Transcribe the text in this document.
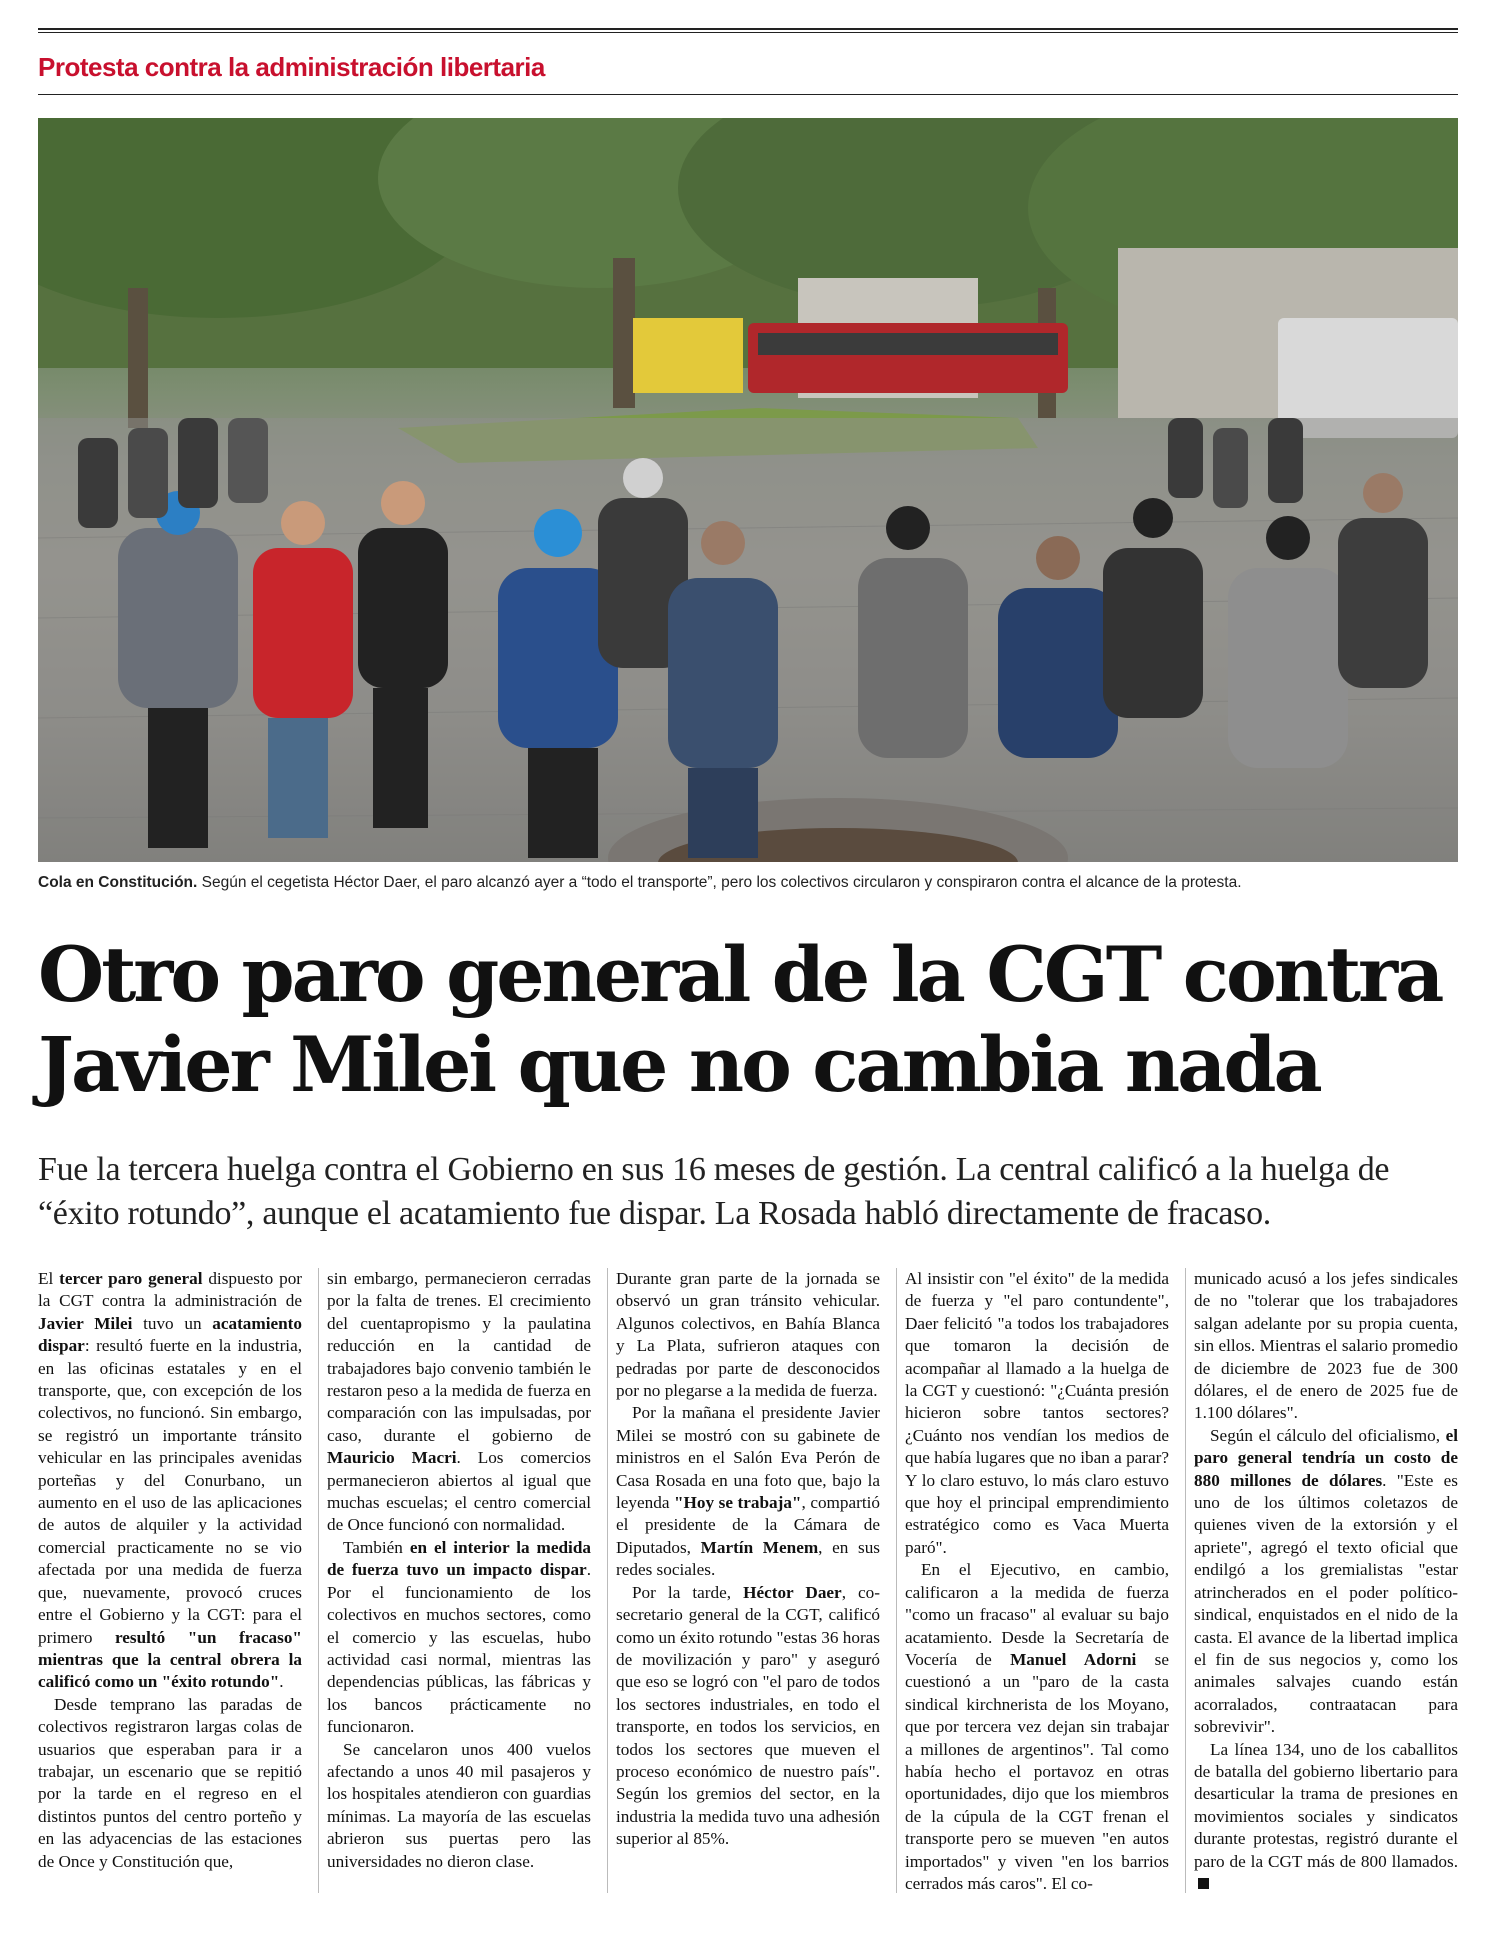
Protesta contra la administración libertaria
Cola en Constitución. Según el cegetista Héctor Daer, el paro alcanzó ayer a “todo el transporte”, pero los colectivos circularon y conspiraron contra el alcance de la protesta.
Otro paro general de la CGT contra
Javier Milei que no cambia nada
Fue la tercera huelga contra el Gobierno en sus 16 meses de gestión. La central calificó a la huelga de “éxito rotundo”, aunque el acatamiento fue dispar. La Rosada habló directamente de fracaso.

El tercer paro general dispuesto por la CGT contra la administración de Javier Milei tuvo un acatamiento dispar: resultó fuerte en la industria, en las oficinas estatales y en el transporte, que, con excepción de los colectivos, no funcionó. Sin embargo, se registró un importante tránsito vehicular en las principales avenidas porteñas y del Conurbano, un aumento en el uso de las aplicaciones de autos de alquiler y la actividad comercial practicamente no se vio afectada por una medida de fuerza que, nuevamente, provocó cruces entre el Gobierno y la CGT: para el primero resultó "un fracaso" mientras que la central obrera la calificó como un "éxito rotundo".

Desde temprano las paradas de colectivos registraron largas colas de usuarios que esperaban para ir a trabajar, un escenario que se repitió por la tarde en el regreso en el distintos puntos del centro porteño y en las adyacencias de las estaciones de Once y Constitución que,

sin embargo, permanecieron cerradas por la falta de trenes. El crecimiento del cuentapropismo y la paulatina reducción en la cantidad de trabajadores bajo convenio también le restaron peso a la medida de fuerza en comparación con las impulsadas, por caso, durante el gobierno de Mauricio Macri. Los comercios permanecieron abiertos al igual que muchas escuelas; el centro comercial de Once funcionó con normalidad.

También en el interior la medida de fuerza tuvo un impacto dispar. Por el funcionamiento de los colectivos en muchos sectores, como el comercio y las escuelas, hubo actividad casi normal, mientras las dependencias públicas, las fábricas y los bancos prácticamente no funcionaron.

Se cancelaron unos 400 vuelos afectando a unos 40 mil pasajeros y los hospitales atendieron con guardias mínimas. La mayoría de las escuelas abrieron sus puertas pero las universidades no dieron clase.

Durante gran parte de la jornada se observó un gran tránsito vehicular. Algunos colectivos, en Bahía Blanca y La Plata, sufrieron ataques con pedradas por parte de desconocidos por no plegarse a la medida de fuerza.

Por la mañana el presidente Javier Milei se mostró con su gabinete de ministros en el Salón Eva Perón de Casa Rosada en una foto que, bajo la leyenda "Hoy se trabaja", compartió el presidente de la Cámara de Diputados, Martín Menem, en sus redes sociales.

Por la tarde, Héctor Daer, co-secretario general de la CGT, calificó como un éxito rotundo "estas 36 horas de movilización y paro" y aseguró que eso se logró con "el paro de todos los sectores industriales, en todo el transporte, en todos los servicios, en todos los sectores que mueven el proceso económico de nuestro país". Según los gremios del sector, en la industria la medida tuvo una adhesión superior al 85%.

Al insistir con "el éxito" de la medida de fuerza y "el paro contundente", Daer felicitó "a todos los trabajadores que tomaron la decisión de acompañar al llamado a la huelga de la CGT y cuestionó: "¿Cuánta presión hicieron sobre tantos sectores? ¿Cuánto nos vendían los medios de que había lugares que no iban a parar? Y lo claro estuvo, lo más claro estuvo que hoy el principal emprendimiento estratégico como es Vaca Muerta paró".

En el Ejecutivo, en cambio, calificaron a la medida de fuerza "como un fracaso" al evaluar su bajo acatamiento. Desde la Secretaría de Vocería de Manuel Adorni se cuestionó a un "paro de la casta sindical kirchnerista de los Moyano, que por tercera vez dejan sin trabajar a millones de argentinos". Tal como había hecho el portavoz en otras oportunidades, dijo que los miembros de la cúpula de la CGT frenan el transporte pero se mueven "en autos importados" y viven "en los barrios cerrados más caros". El co-

municado acusó a los jefes sindicales de no "tolerar que los trabajadores salgan adelante por su propia cuenta, sin ellos. Mientras el salario promedio de diciembre de 2023 fue de 300 dólares, el de enero de 2025 fue de 1.100 dólares".

Según el cálculo del oficialismo, el paro general tendría un costo de 880 millones de dólares. "Este es uno de los últimos coletazos de quienes viven de la extorsión y el apriete", agregó el texto oficial que endilgó a los gremialistas "estar atrincherados en el poder político-sindical, enquistados en el nido de la casta. El avance de la libertad implica el fin de sus negocios y, como los animales salvajes cuando están acorralados, contraatacan para sobrevivir".

La línea 134, uno de los caballitos de batalla del gobierno libertario para desarticular la trama de presiones en movimientos sociales y sindicatos durante protestas, registró durante el paro de la CGT más de 800 llamados.
